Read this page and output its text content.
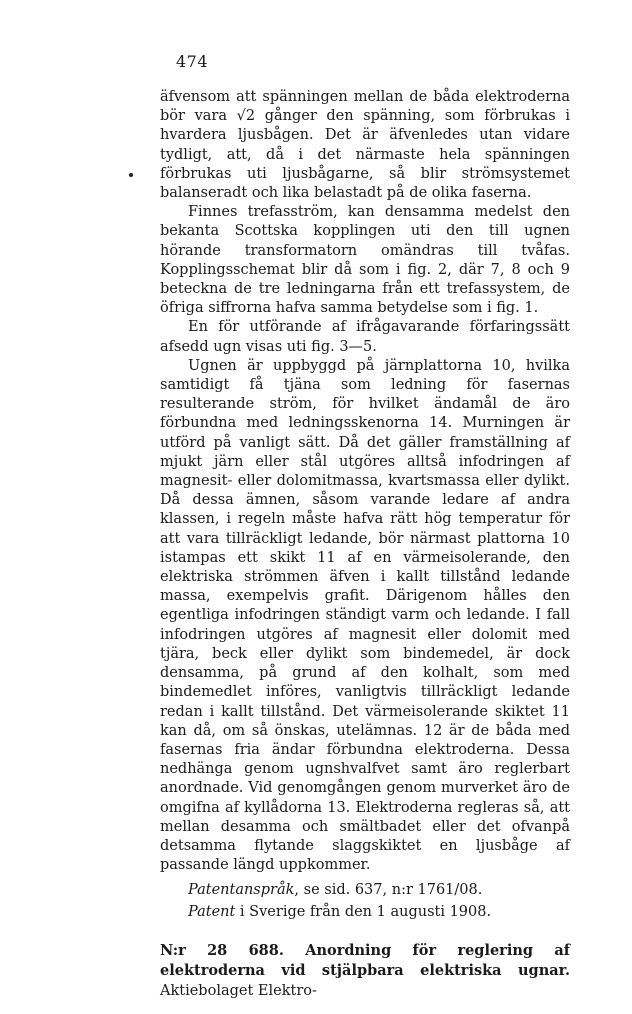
474

äfvensom att spänningen mellan de båda elektroderna bör vara √2 gånger den spänning, som förbrukas i hvardera ljusbågen. Det är äfvenledes utan vidare tydligt, att, då i det närmaste hela spänningen förbrukas uti ljusbågarne, så blir strömsystemet balanseradt och lika belastadt på de olika faserna.

Finnes trefasström, kan densamma medelst den bekanta Scottska kopplingen uti den till ugnen hörande transformatorn omändras till tvåfas. Kopplingsschemat blir då som i fig. 2, där 7, 8 och 9 beteckna de tre ledningarna från ett trefassystem, de öfriga siffrorna hafva samma betydelse som i fig. 1.

En för utförande af ifrågavarande förfaringssätt afsedd ugn visas uti fig. 3—5.

Ugnen är uppbyggd på järnplattorna 10, hvilka samtidigt få tjäna som ledning för fasernas resulterande ström, för hvilket ändamål de äro förbundna med ledningsskenorna 14. Murningen är utförd på vanligt sätt. Då det gäller framställning af mjukt järn eller stål utgöres alltså infodringen af magnesit- eller dolomitmassa, kvartsmassa eller dylikt. Då dessa ämnen, såsom varande ledare af andra klassen, i regeln måste hafva rätt hög temperatur för att vara tillräckligt ledande, bör närmast plattorna 10 istampas ett skikt 11 af en värmeisolerande, den elektriska strömmen äfven i kallt tillstånd ledande massa, exempelvis grafit. Därigenom hålles den egentliga infodringen ständigt varm och ledande. I fall infodringen utgöres af magnesit eller dolomit med tjära, beck eller dylikt som bindemedel, är dock densamma, på grund af den kolhalt, som med bindemedlet införes, vanligtvis tillräckligt ledande redan i kallt tillstånd. Det värmeisolerande skiktet 11 kan då, om så önskas, utelämnas. 12 är de båda med fasernas fria ändar förbundna elektroderna. Dessa nedhänga genom ugnshvalfvet samt äro reglerbart anordnade. Vid genomgången genom murverket äro de omgifna af kyllådorna 13. Elektroderna regleras så, att mellan desamma och smältbadet eller det ofvanpå detsamma flytande slaggskiktet en ljusbåge af passande längd uppkommer.

Patentanspråk, se sid. 637, n:r 1761/08.

Patent i Sverige från den 1 augusti 1908.

N:r 28 688. Anordning för reglering af elektroderna vid stjälpbara elektriska ugnar. Aktiebolaget Elektro-
